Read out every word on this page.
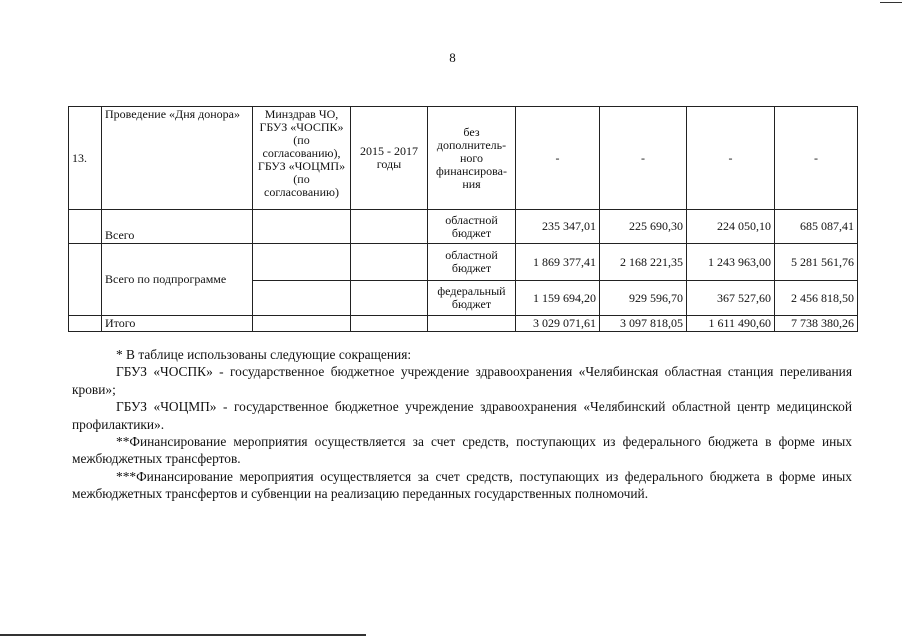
8
13.	Проведение «Дня донора»	Минздрав ЧО, ГБУЗ «ЧОСПК» (по согласованию), ГБУЗ «ЧОЦМП» (по согласованию)	2015 - 2017 годы	без дополнитель-ного финансирова-ния	-	-	-	-
	Всего			областной бюджет	235 347,01	225 690,30	224 050,10	685 087,41
	Всего по подпрограмме			областной бюджет	1 869 377,41	2 168 221,35	1 243 963,00	5 281 561,76
				федеральный бюджет	1 159 694,20	929 596,70	367 527,60	2 456 818,50
	Итого				3 029 071,61	3 097 818,05	1 611 490,60	7 738 380,26

* В таблице использованы следующие сокращения:

ГБУЗ «ЧОСПК» - государственное бюджетное учреждение здравоохранения «Челябинская областная станция переливания крови»;

ГБУЗ «ЧОЦМП» - государственное бюджетное учреждение здравоохранения «Челябинский областной центр медицинской профилактики».

**Финансирование мероприятия осуществляется за счет средств, поступающих из федерального бюджета в форме иных межбюджетных трансфертов.

***Финансирование мероприятия осуществляется за счет средств, поступающих из федерального бюджета в форме иных межбюджетных трансфертов и субвенции на реализацию переданных государственных полномочий.
